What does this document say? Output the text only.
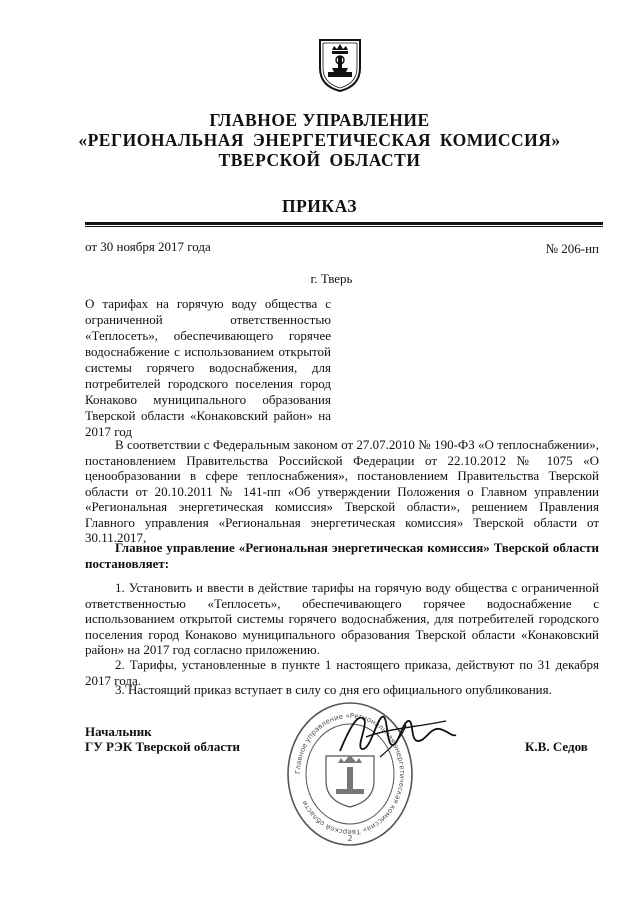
ГЛАВНОЕ УПРАВЛЕНИЕ
«РЕГИОНАЛЬНАЯ ЭНЕРГЕТИЧЕСКАЯ КОМИССИЯ»
ТВЕРСКОЙ ОБЛАСТИ
ПРИКАЗ
от 30 ноября 2017 года	№ 206-нп
г. Тверь
О тарифах на горячую воду общества с ограниченной ответственностью «Теплосеть», обеспечивающего горячее водоснабжение с использованием открытой системы горячего водоснабжения, для потребителей городского поселения город Конаково муниципального образования Тверской области «Конаковский район» на 2017 год
В соответствии с Федеральным законом от 27.07.2010 № 190-ФЗ «О теплоснабжении», постановлением Правительства Российской Федерации от 22.10.2012 № 1075 «О ценообразовании в сфере теплоснабжения», постановлением Правительства Тверской области от 20.10.2011 № 141-пп «Об утверждении Положения о Главном управлении «Региональная энергетическая комиссия» Тверской области», решением Правления Главного управления «Региональная энергетическая комиссия» Тверской области от 30.11.2017,
Главное управление «Региональная энергетическая комиссия» Тверской области постановляет:
1. Установить и ввести в действие тарифы на горячую воду общества с ограниченной ответственностью «Теплосеть», обеспечивающего горячее водоснабжение с использованием открытой системы горячего водоснабжения, для потребителей городского поселения город Конаково муниципального образования Тверской области «Конаковский район» на 2017 год согласно приложению.
2. Тарифы, установленные в пункте 1 настоящего приказа, действуют по 31 декабря 2017 года.
3. Настоящий приказ вступает в силу со дня его официального опубликования.
Начальник
ГУ РЭК Тверской области	К.В. Седов
Главное управление «Региональная энергетическая комиссия» Тверской области
2
